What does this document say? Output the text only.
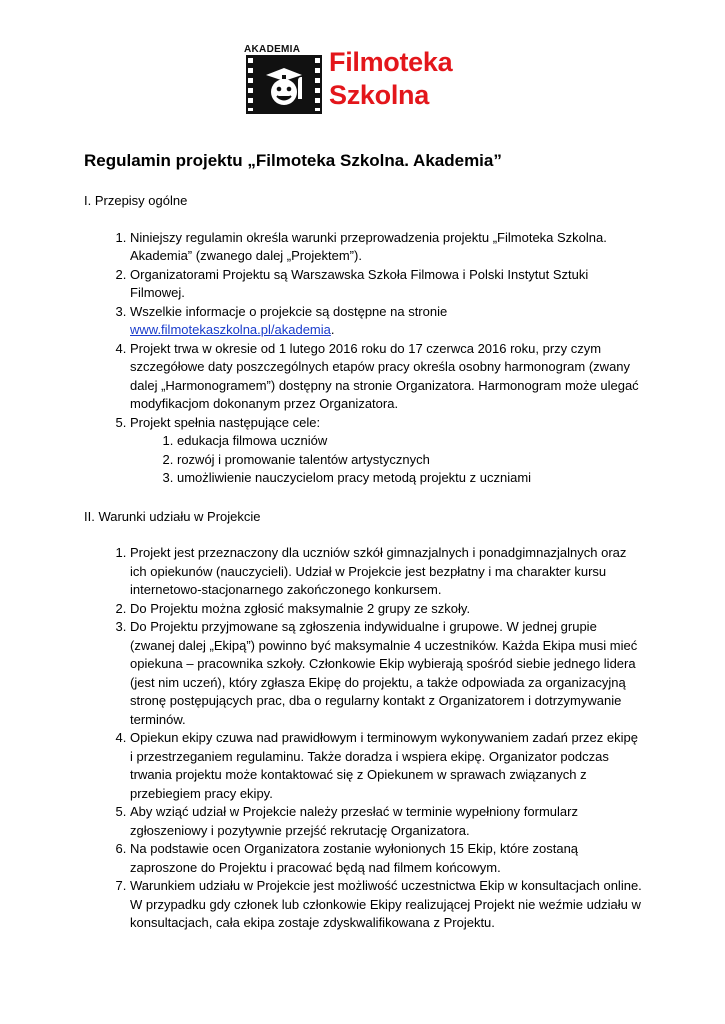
AKADEMIA Filmoteka
Szkolna
Regulamin projektu „Filmoteka Szkolna. Akademia”
I. Przepisy ogólne
1. Niniejszy regulamin określa warunki przeprowadzenia projektu „Filmoteka Szkolna. Akademia” (zwanego dalej „Projektem”).
2. Organizatorami Projektu są Warszawska Szkoła Filmowa i Polski Instytut Sztuki Filmowej.
3. Wszelkie informacje o projekcie są dostępne na stronie www.filmotekaszkolna.pl/akademia.
4. Projekt trwa w okresie od 1 lutego 2016 roku do 17 czerwca 2016 roku, przy czym szczegółowe daty poszczególnych etapów pracy określa osobny harmonogram (zwany dalej „Harmonogramem”) dostępny na stronie Organizatora. Harmonogram może ulegać modyfikacjom dokonanym przez Organizatora.
5. Projekt spełnia następujące cele:
1. edukacja filmowa uczniów
2. rozwój i promowanie talentów artystycznych
3. umożliwienie nauczycielom pracy metodą projektu z uczniami
II. Warunki udziału w Projekcie
1. Projekt jest przeznaczony dla uczniów szkół gimnazjalnych i ponadgimnazjalnych oraz ich opiekunów (nauczycieli). Udział w Projekcie jest bezpłatny i ma charakter kursu internetowo-stacjonarnego zakończonego konkursem.
2. Do Projektu można zgłosić maksymalnie 2 grupy ze szkoły.
3. Do Projektu przyjmowane są zgłoszenia indywidualne i grupowe. W jednej grupie (zwanej dalej „Ekipą”) powinno być maksymalnie 4 uczestników. Każda Ekipa musi mieć opiekuna – pracownika szkoły. Członkowie Ekip wybierają spośród siebie jednego lidera (jest nim uczeń), który zgłasza Ekipę do projektu, a także odpowiada za organizacyjną stronę postępujących prac, dba o regularny kontakt z Organizatorem i dotrzymywanie terminów.
4. Opiekun ekipy czuwa nad prawidłowym i terminowym wykonywaniem zadań przez ekipę i przestrzeganiem regulaminu. Także doradza i wspiera ekipę. Organizator podczas trwania projektu może kontaktować się z Opiekunem w sprawach związanych z przebiegiem pracy ekipy.
5. Aby wziąć udział w Projekcie należy przesłać w terminie wypełniony formularz zgłoszeniowy i pozytywnie przejść rekrutację Organizatora.
6. Na podstawie ocen Organizatora zostanie wyłonionych 15 Ekip, które zostaną zaproszone do Projektu i pracować będą nad filmem końcowym.
7. Warunkiem udziału w Projekcie jest możliwość uczestnictwa Ekip w konsultacjach online. W przypadku gdy członek lub członkowie Ekipy realizującej Projekt nie weźmie udziału w konsultacjach, cała ekipa zostaje zdyskwalifikowana z Projektu.
